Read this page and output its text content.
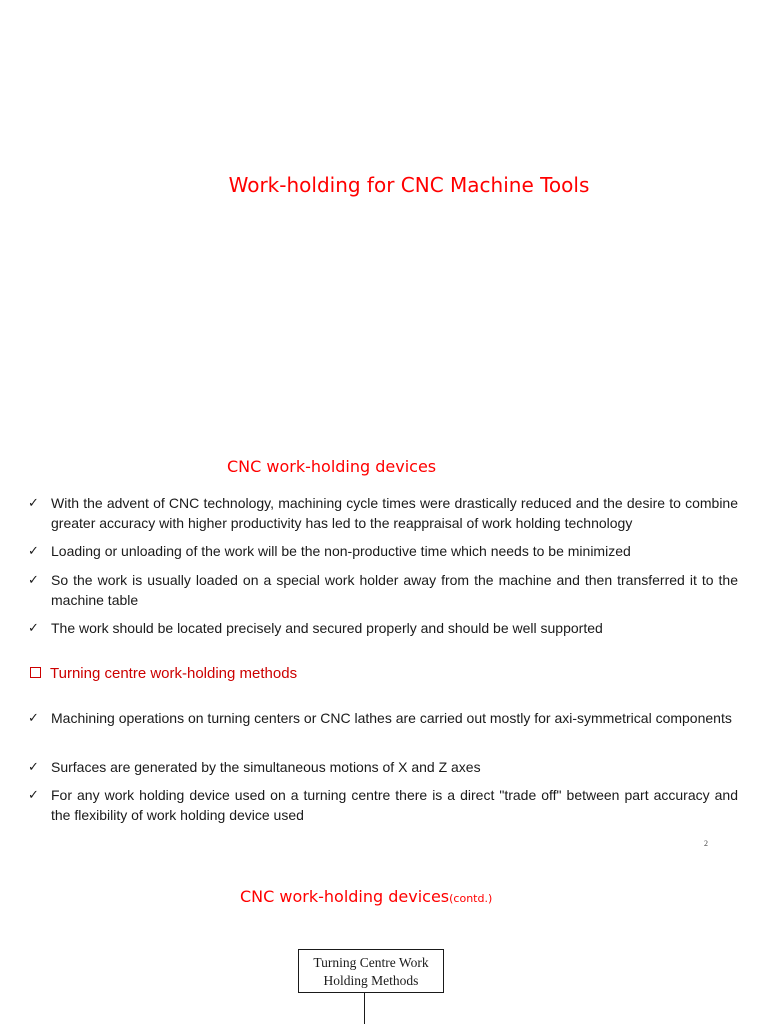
Work-holding for CNC Machine Tools
CNC work-holding devices
✓ With the advent of CNC technology, machining cycle times were drastically reduced and the desire to combine greater accuracy with higher productivity has led to the reappraisal of work holding technology
✓ Loading or unloading of the work will be the non-productive time which needs to be minimized
✓ So the work is usually loaded on a special work holder away from the machine and then transferred it to the machine table
✓ The work should be located precisely and secured properly and should be well supported
Turning centre work-holding methods
✓ Machining operations on turning centers or CNC lathes are carried out mostly for axi-symmetrical components
✓ Surfaces are generated by the simultaneous motions of X and Z axes
✓ For any work holding device used on a turning centre there is a direct "trade off" between part accuracy and the flexibility of work holding device used
2
CNC work-holding devices(contd.)
Turning Centre Work
Holding Methods
